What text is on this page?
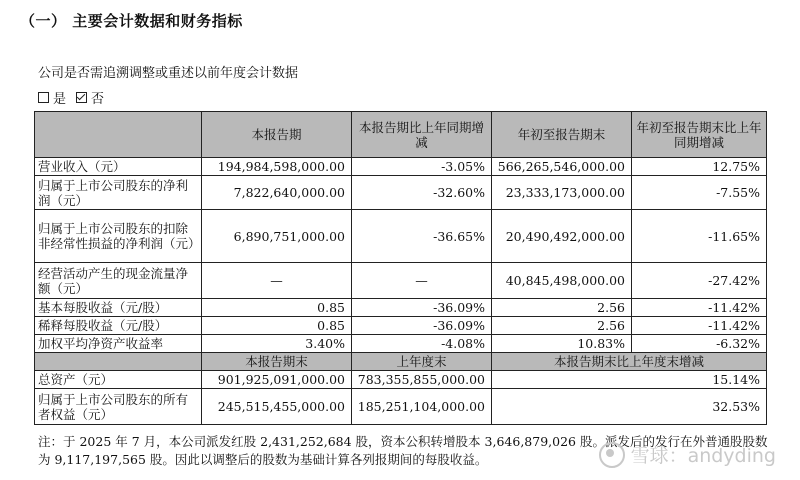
（一） 主要会计数据和财务指标
公司是否需追溯调整或重述以前年度会计数据
是 否
	本报告期	本报告期比上年同期增减	年初至报告期末	年初至报告期末比上年同期增减
营业收入（元）	194,984,598,000.00	-3.05%	566,265,546,000.00	12.75%
归属于上市公司股东的净利润（元）	7,822,640,000.00	-32.60%	23,333,173,000.00	-7.55%
归属于上市公司股东的扣除非经常性损益的净利润（元）	6,890,751,000.00	-36.65%	20,490,492,000.00	-11.65%
经营活动产生的现金流量净额（元）	—	—	40,845,498,000.00	-27.42%
基本每股收益（元/股）	0.85	-36.09%	2.56	-11.42%
稀释每股收益（元/股）	0.85	-36.09%	2.56	-11.42%
加权平均净资产收益率	3.40%	-4.08%	10.83%	-6.32%
	本报告期末	上年度末	本报告期末比上年度末增减	
总资产（元）	901,925,091,000.00	783,355,855,000.00	15.14%	
归属于上市公司股东的所有者权益（元）	245,515,455,000.00	185,251,104,000.00	32.53%	
注：于 2025 年 7 月，本公司派发红股 2,431,252,684 股，资本公积转增股本 3,646,879,026 股。派发后的发行在外普通股股数为 9,117,197,565 股。因此以调整后的股数为基础计算各列报期间的每股收益。	雪球：andyding
